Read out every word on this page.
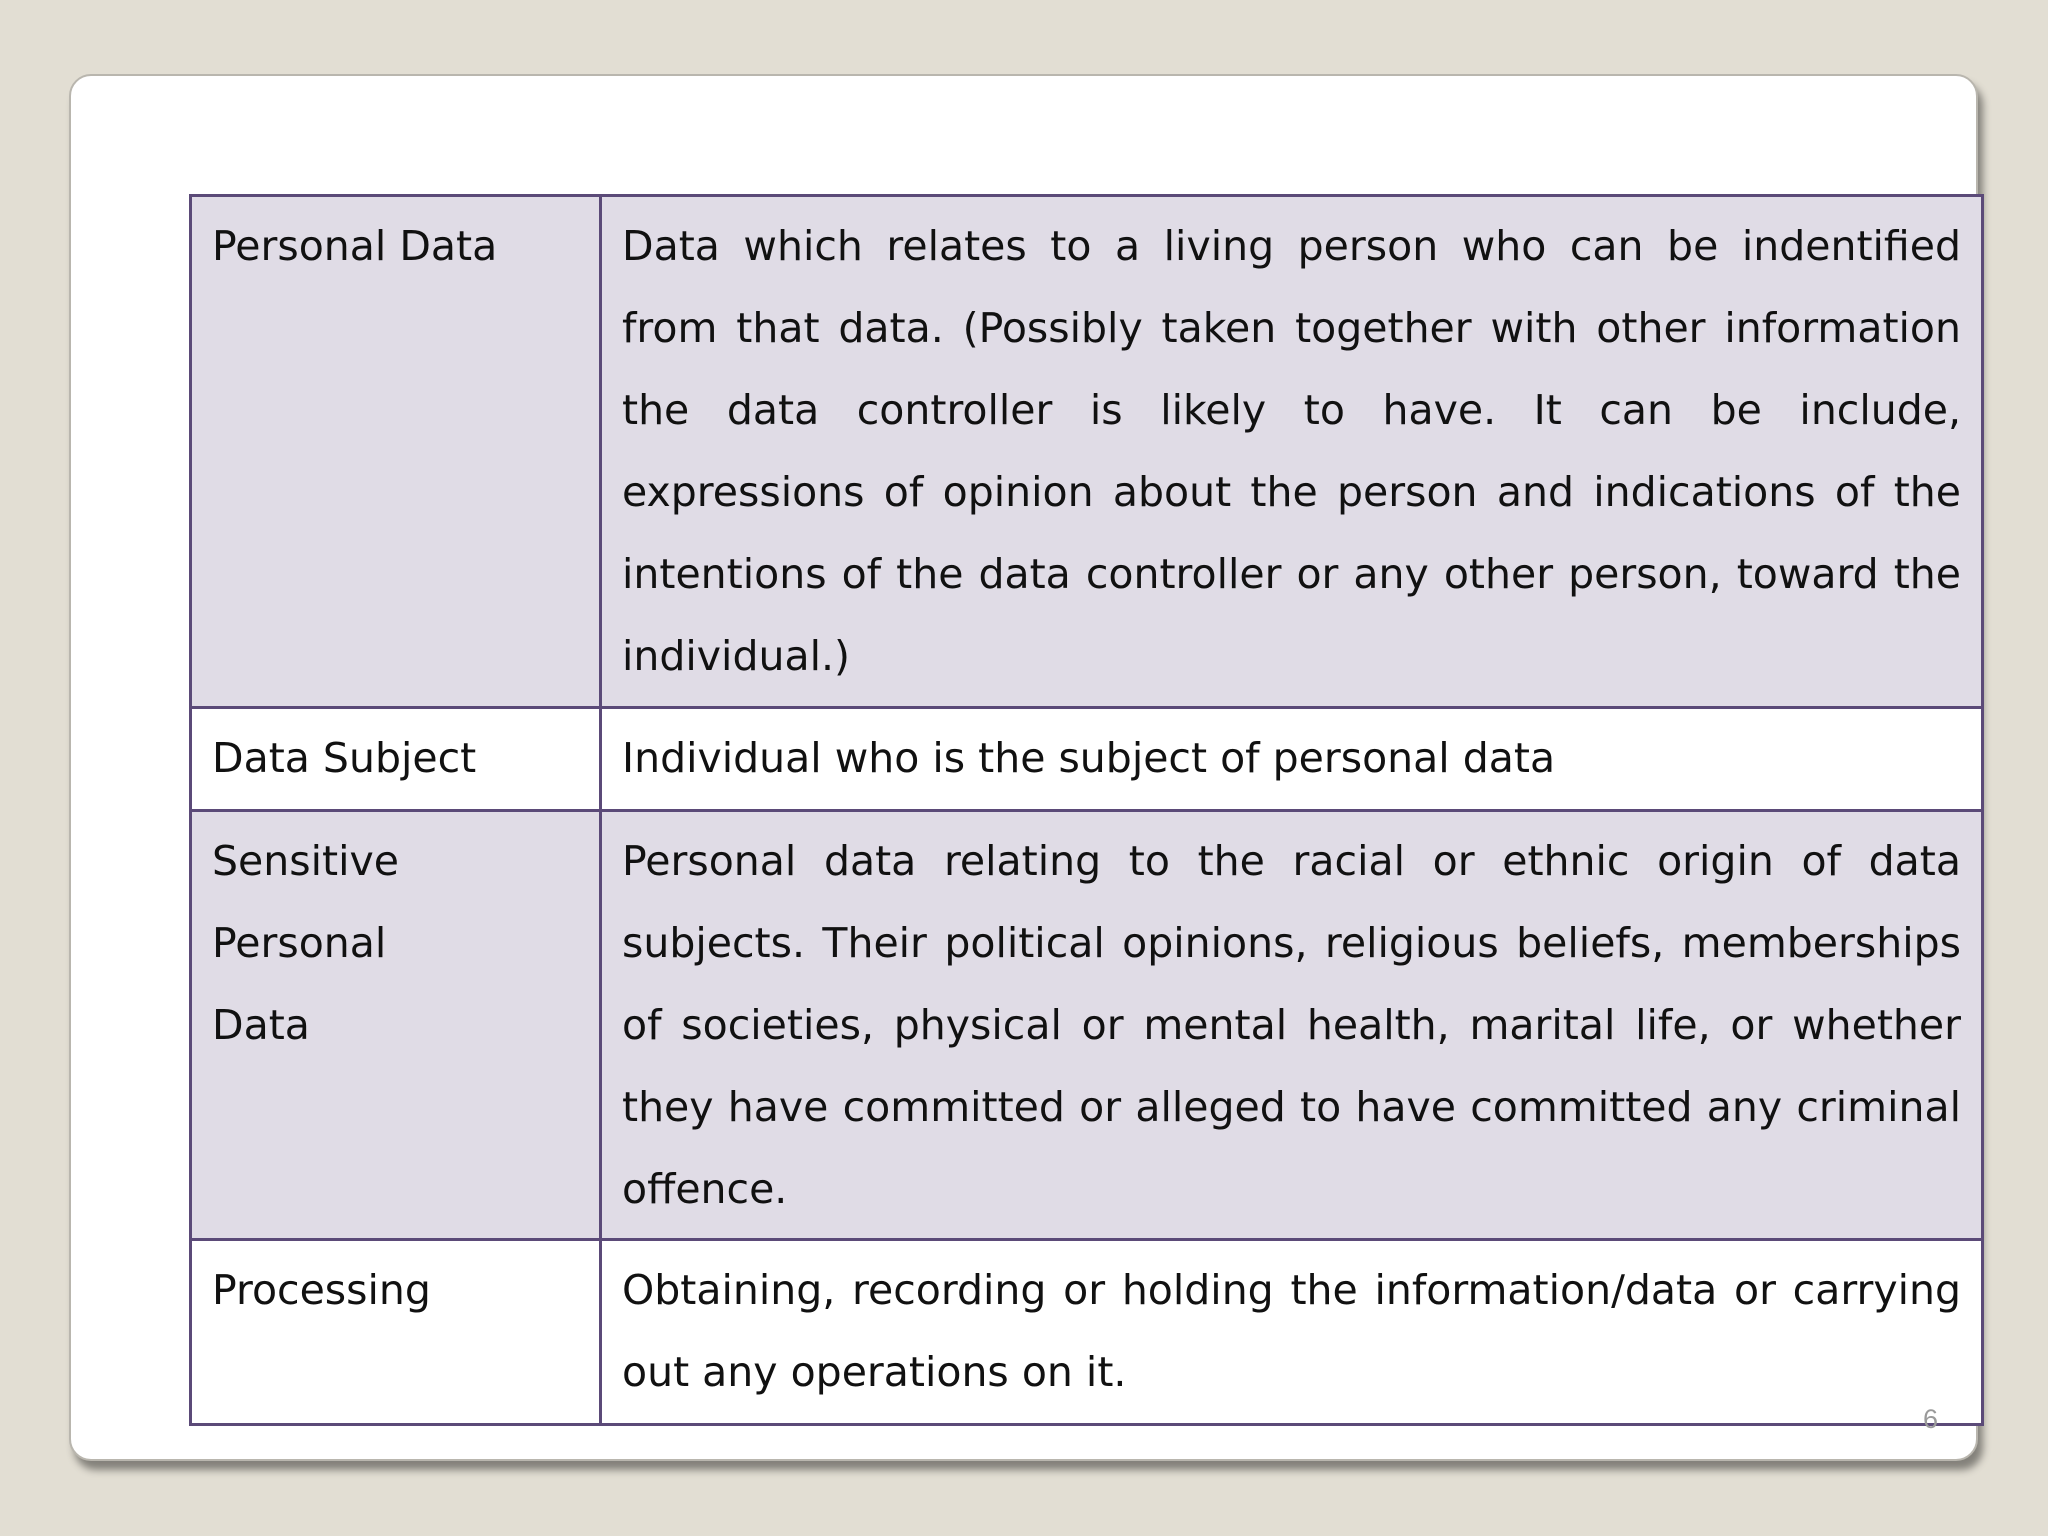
Personal Data	Data which relates to a living person who can be indentified from that data. (Possibly taken together with other information the data controller is likely to have. It can be include, expressions of opinion about the person and indications of the intentions of the data controller or any other person, toward the individual.)
Data Subject	Individual who is the subject of personal data
Sensitive Personal Data	Personal data relating to the racial or ethnic origin of data subjects. Their political opinions, religious beliefs, memberships of societies, physical or mental health, marital life, or whether they have committed or alleged to have committed any criminal offence.
Processing	Obtaining, recording or holding the information/data or carrying out any operations on it.
6
